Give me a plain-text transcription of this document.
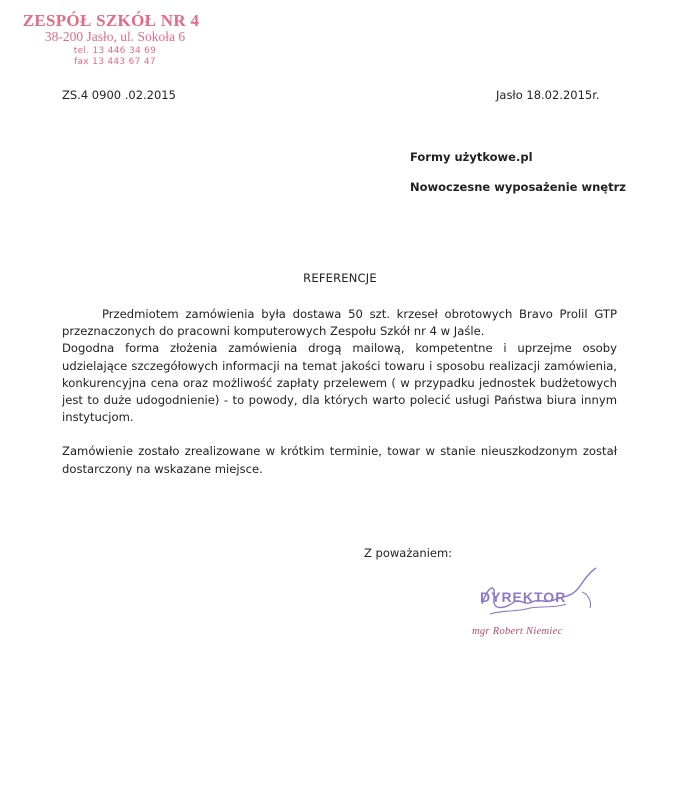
ZESPÓŁ SZKÓŁ NR 4
38-200 Jasło, ul. Sokoła 6
tel. 13 446 34 69
fax 13 443 67 47
ZS.4 0900 .02.2015	Jasło 18.02.2015r.
Formy użytkowe.pl
Nowoczesne wyposażenie wnętrz
REFERENCJE

Przedmiotem zamówienia była dostawa 50 szt. krzeseł obrotowych Bravo Prolil GTP przeznaczonych do pracowni komputerowych Zespołu Szkół nr 4 w Jaśle.

Dogodna forma złożenia zamówienia drogą mailową, kompetentne i uprzejme osoby udzielające szczegółowych informacji na temat jakości towaru i sposobu realizacji zamówienia, konkurencyjna cena oraz możliwość zapłaty przelewem ( w przypadku jednostek budżetowych jest to duże udogodnienie) - to powody, dla których warto polecić usługi Państwa biura innym instytucjom.

Zamówienie zostało zrealizowane w krótkim terminie, towar w stanie nieuszkodzonym został dostarczony na wskazane miejsce.

Z poważaniem:
DYREKTOR
mgr Robert Niemiec
